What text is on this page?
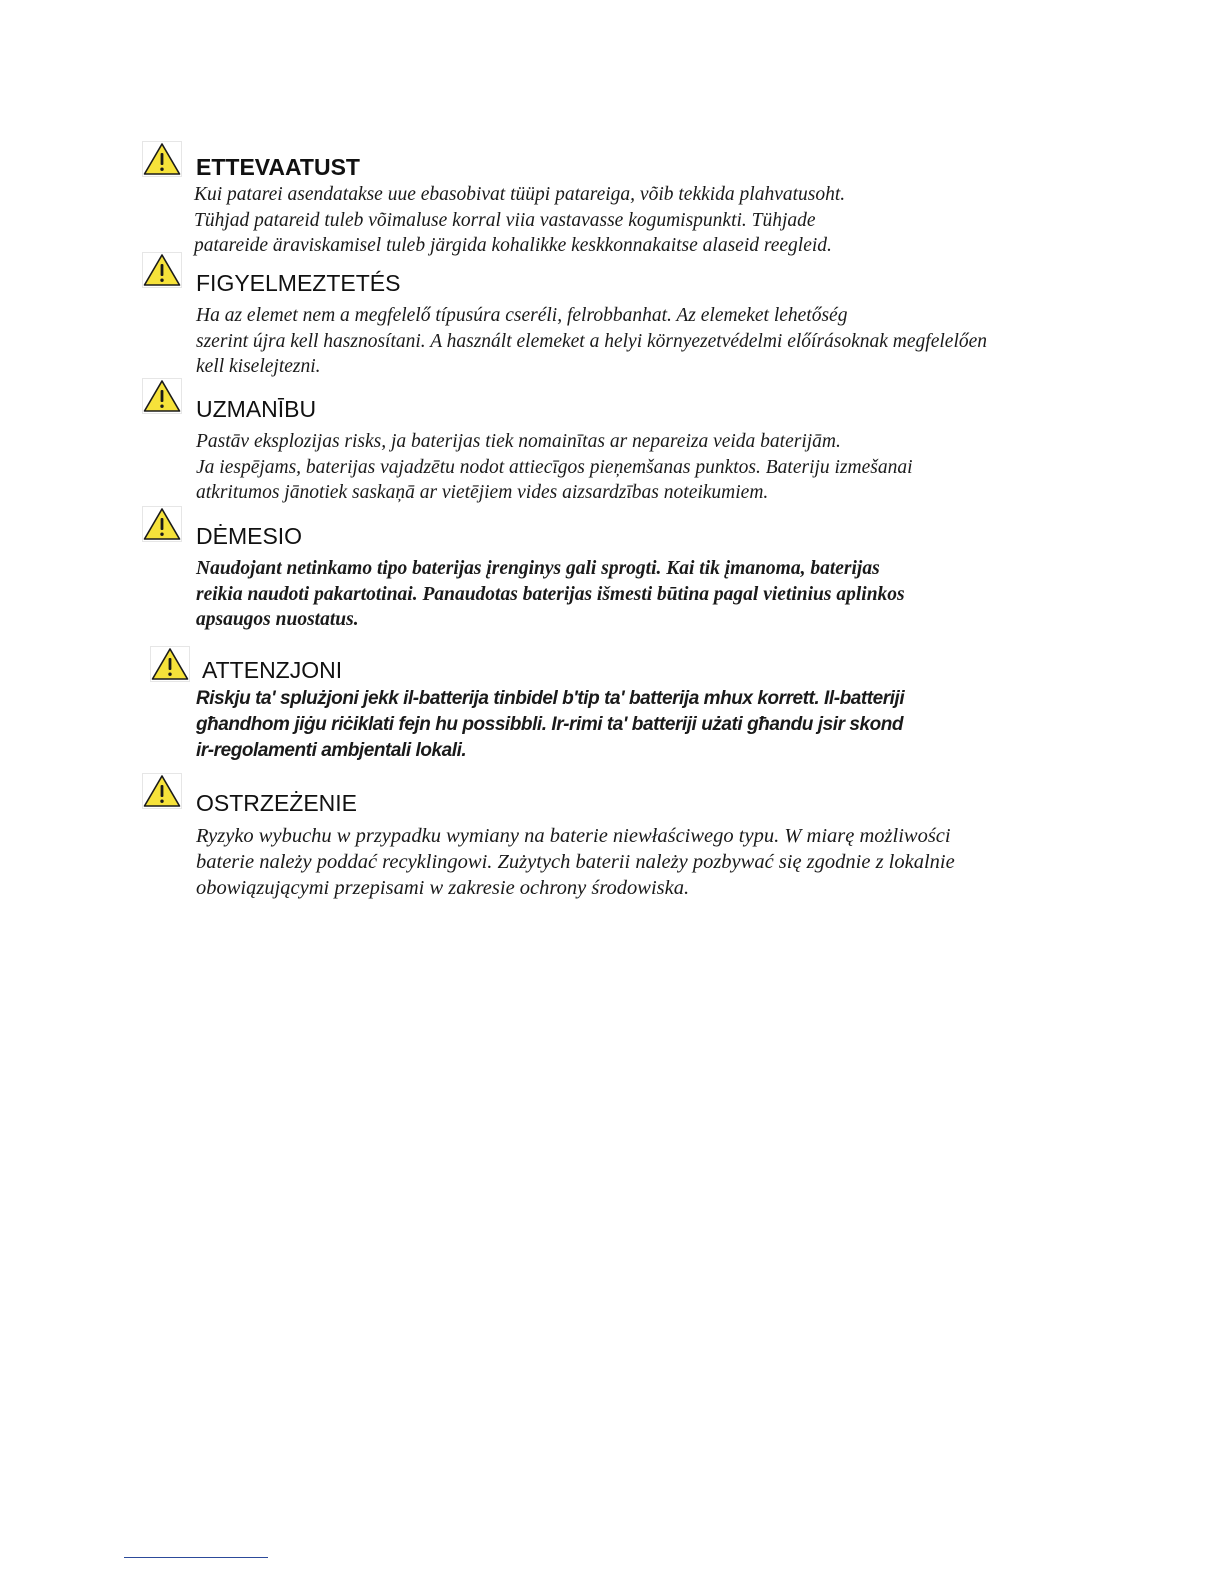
ETTEVAATUST
Kui patarei asendatakse uue ebasobivat tüüpi patareiga, võib tekkida plahvatusoht.
Tühjad patareid tuleb võimaluse korral viia vastavasse kogumispunkti. Tühjade
patareide äraviskamisel tuleb järgida kohalikke keskkonnakaitse alaseid reegleid.
FIGYELMEZTETÉS
Ha az elemet nem a megfelelő típusúra cseréli, felrobbanhat. Az elemeket lehetőség
szerint újra kell hasznosítani. A használt elemeket a helyi környezetvédelmi előírásoknak megfelelően
kell kiselejtezni.
UZMANĪBU
Pastāv eksplozijas risks, ja baterijas tiek nomainītas ar nepareiza veida baterijām.
Ja iespējams, baterijas vajadzētu nodot attiecīgos pieņemšanas punktos. Bateriju izmešanai
atkritumos jānotiek saskaņā ar vietējiem vides aizsardzības noteikumiem.
DĖMESIO
Naudojant netinkamo tipo baterijas įrenginys gali sprogti. Kai tik įmanoma, baterijas
reikia naudoti pakartotinai. Panaudotas baterijas išmesti būtina pagal vietinius aplinkos
apsaugos nuostatus.
ATTENZJONI
Riskju ta' splużjoni jekk il-batterija tinbidel b'tip ta' batterija mhux korrett. Il-batteriji
għandhom jiġu riċiklati fejn hu possibbli. Ir-rimi ta' batteriji użati għandu jsir skond
ir-regolamenti ambjentali lokali.
OSTRZEŻENIE
Ryzyko wybuchu w przypadku wymiany na baterie niewłaściwego typu. W miarę możliwości
baterie należy poddać recyklingowi. Zużytych baterii należy pozbywać się zgodnie z lokalnie
obowiązującymi przepisami w zakresie ochrony środowiska.
